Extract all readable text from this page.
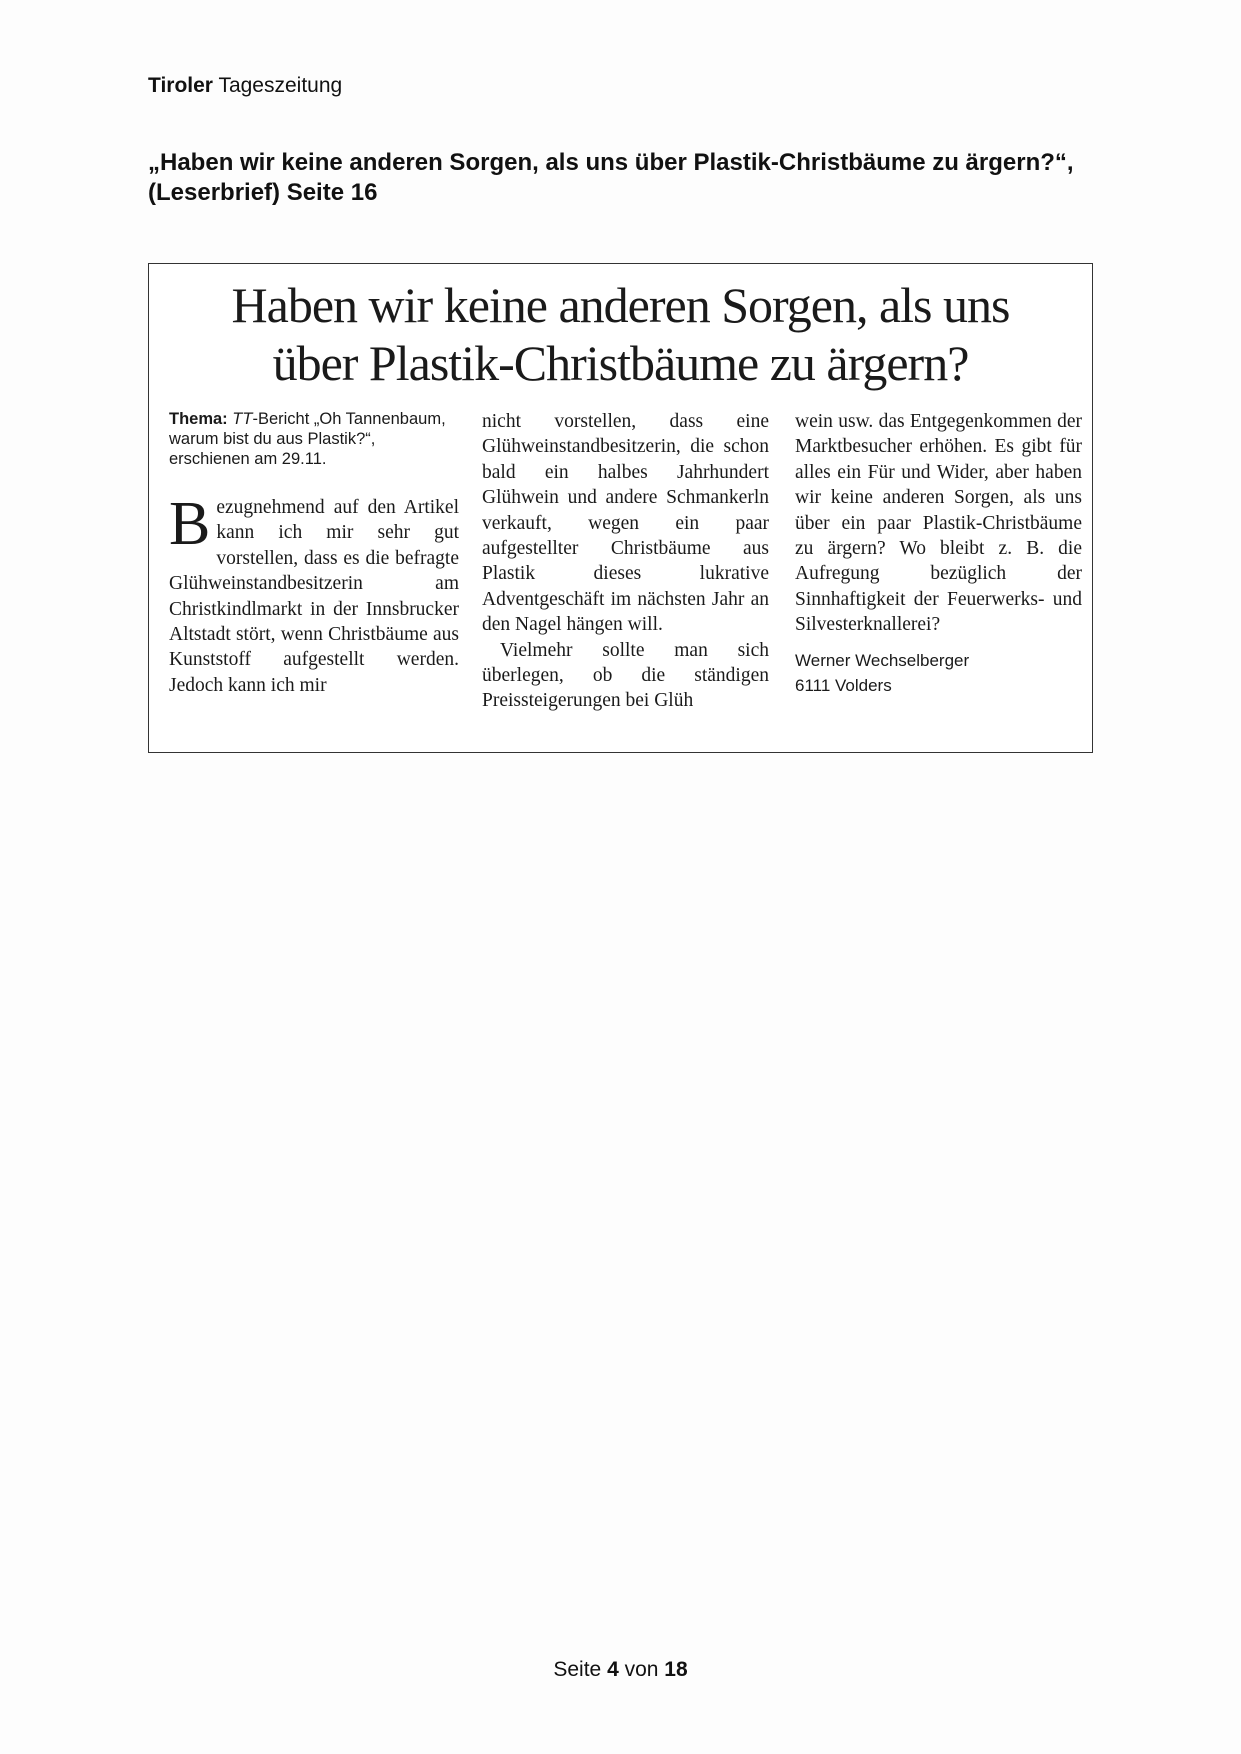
Tiroler Tageszeitung
„Haben wir keine anderen Sorgen, als uns über Plastik-Christbäume zu ärgern?“, (Leserbrief) Seite 16
Haben wir keine anderen Sorgen, als uns
über Plastik-Christbäume zu ärgern?
Thema: TT-Bericht „Oh Tannenbaum, warum bist du aus Plastik?“, erschienen am 29.11.
B ezugnehmend auf den Artikel kann ich mir sehr gut vorstellen, dass es die befragte Glühweinstandbesitzerin am Christkindlmarkt in der Innsbrucker Altstadt stört, wenn Christbäume aus Kunststoff aufgestellt werden. Jedoch kann ich mir
nicht vorstellen, dass eine Glühweinstandbesitzerin, die schon bald ein halbes Jahrhundert Glühwein und andere Schmankerln verkauft, wegen ein paar aufgestellter Christbäume aus Plastik dieses lukrative Adventgeschäft im nächsten Jahr an den Nagel hängen will.
Vielmehr sollte man sich überlegen, ob die ständigen Preissteigerungen bei Glüh
wein usw. das Entgegenkommen der Marktbesucher erhöhen. Es gibt für alles ein Für und Wider, aber haben wir keine anderen Sorgen, als uns über ein paar Plastik-Christbäume zu ärgern? Wo bleibt z. B. die Aufregung bezüglich der Sinnhaftigkeit der Feuerwerks- und Silvesterknallerei?
Werner Wechselberger
6111 Volders
Seite 4 von 18
